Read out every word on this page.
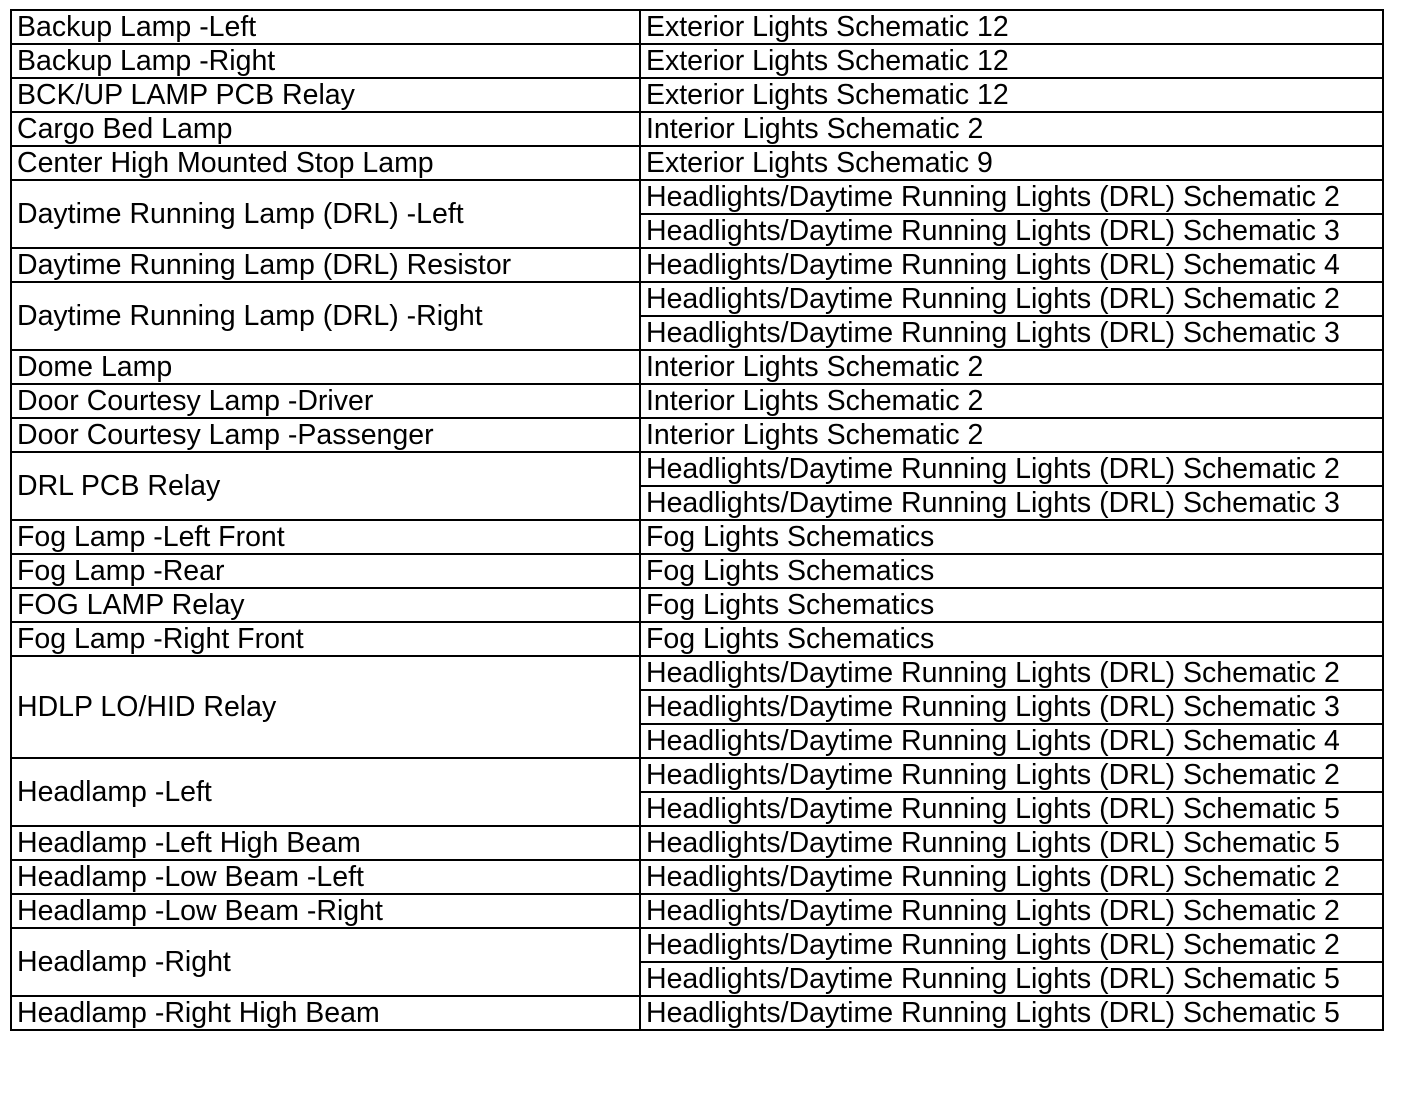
Backup Lamp -Left	Exterior Lights Schematic 12
Backup Lamp -Right	Exterior Lights Schematic 12
BCK/UP LAMP PCB Relay	Exterior Lights Schematic 12
Cargo Bed Lamp	Interior Lights Schematic 2
Center High Mounted Stop Lamp	Exterior Lights Schematic 9
Daytime Running Lamp (DRL) -Left	Headlights/Daytime Running Lights (DRL) Schematic 2
	Headlights/Daytime Running Lights (DRL) Schematic 3
Daytime Running Lamp (DRL) Resistor	Headlights/Daytime Running Lights (DRL) Schematic 4
Daytime Running Lamp (DRL) -Right	Headlights/Daytime Running Lights (DRL) Schematic 2
	Headlights/Daytime Running Lights (DRL) Schematic 3
Dome Lamp	Interior Lights Schematic 2
Door Courtesy Lamp -Driver	Interior Lights Schematic 2
Door Courtesy Lamp -Passenger	Interior Lights Schematic 2
DRL PCB Relay	Headlights/Daytime Running Lights (DRL) Schematic 2
	Headlights/Daytime Running Lights (DRL) Schematic 3
Fog Lamp -Left Front	Fog Lights Schematics
Fog Lamp -Rear	Fog Lights Schematics
FOG LAMP Relay	Fog Lights Schematics
Fog Lamp -Right Front	Fog Lights Schematics
HDLP LO/HID Relay	Headlights/Daytime Running Lights (DRL) Schematic 2
	Headlights/Daytime Running Lights (DRL) Schematic 3
	Headlights/Daytime Running Lights (DRL) Schematic 4
Headlamp -Left	Headlights/Daytime Running Lights (DRL) Schematic 2
	Headlights/Daytime Running Lights (DRL) Schematic 5
Headlamp -Left High Beam	Headlights/Daytime Running Lights (DRL) Schematic 5
Headlamp -Low Beam -Left	Headlights/Daytime Running Lights (DRL) Schematic 2
Headlamp -Low Beam -Right	Headlights/Daytime Running Lights (DRL) Schematic 2
Headlamp -Right	Headlights/Daytime Running Lights (DRL) Schematic 2
	Headlights/Daytime Running Lights (DRL) Schematic 5
Headlamp -Right High Beam	Headlights/Daytime Running Lights (DRL) Schematic 5
